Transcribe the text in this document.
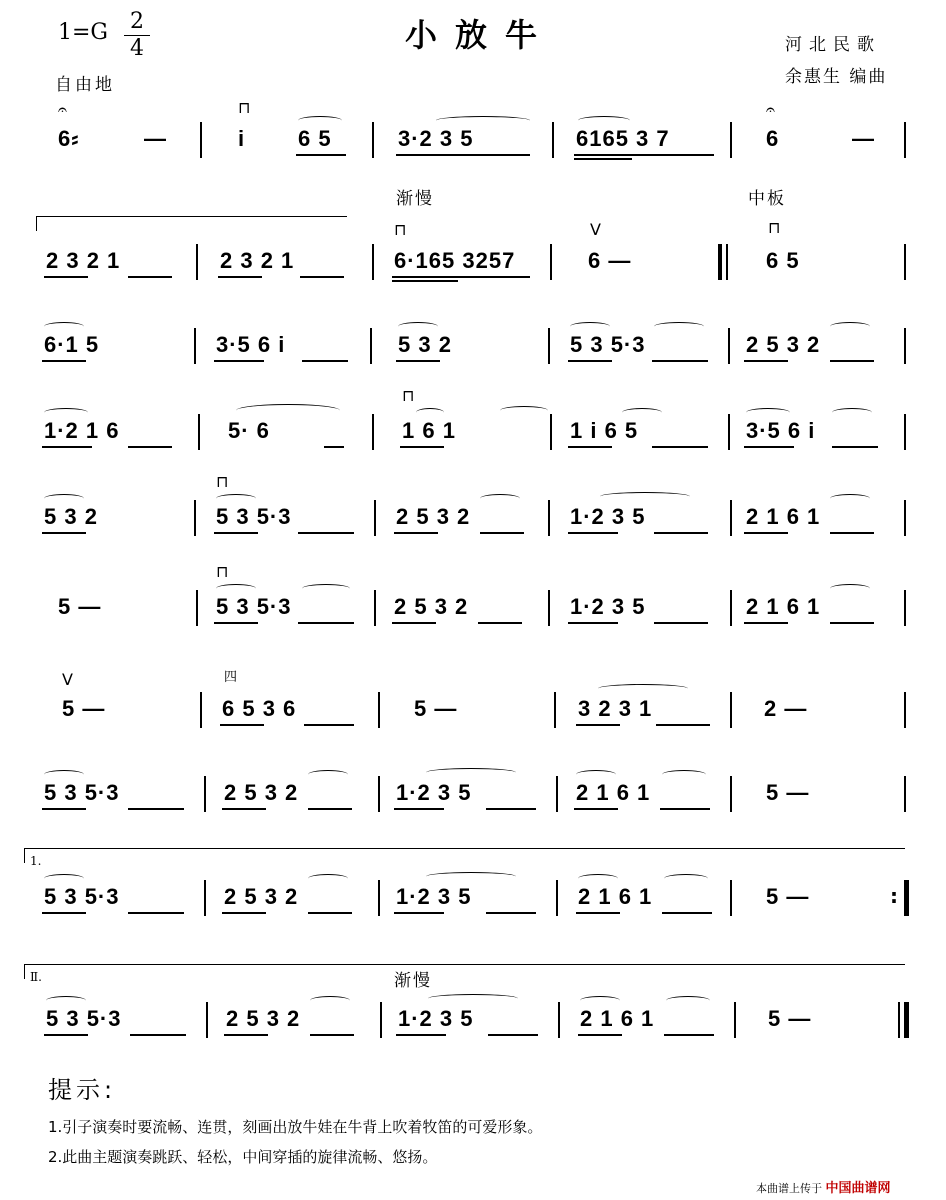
1=G 2
4	小放牛	河北民歌
余惠生 编曲
自由地
𝄐
6⸗	—
⊓
i 6 5	3·2 3 5	6165 3 7
𝄐
6	—
渐慢	中板
2 3 2 1	2 3 2 1
⊓
6·165 3257
V
6 —
⊓
6 5
6·1 5	3·5 6 i	5 3 2	5 3 5·3	2 5 3 2
1·2 1 6	5· 6
⊓
1 6 1	1 i 6 5	3·5 6 i
5 3 2
⊓
5 3 5·3	2 5 3 2	1·2 3 5	2 1 6 1
5 —
⊓
5 3 5·3	2 5 3 2	1·2 3 5	2 1 6 1
V
5 —
四
6 5 3 6	5 —	3 2 3 1	2 —
5 3 5·3	2 5 3 2	1·2 3 5	2 1 6 1	5 —
1.
5 3 5·3	2 5 3 2	1·2 3 5	2 1 6 1	5 —	:
渐慢
Ⅱ.
5 3 5·3	2 5 3 2	1·2 3 5	2 1 6 1	5 —
提示:
1.引子演奏时要流畅、连贯，刻画出放牛娃在牛背上吹着牧笛的可爱形象。
2.此曲主题演奏跳跃、轻松，中间穿插的旋律流畅、悠扬。
本曲谱上传于 中国曲谱网
